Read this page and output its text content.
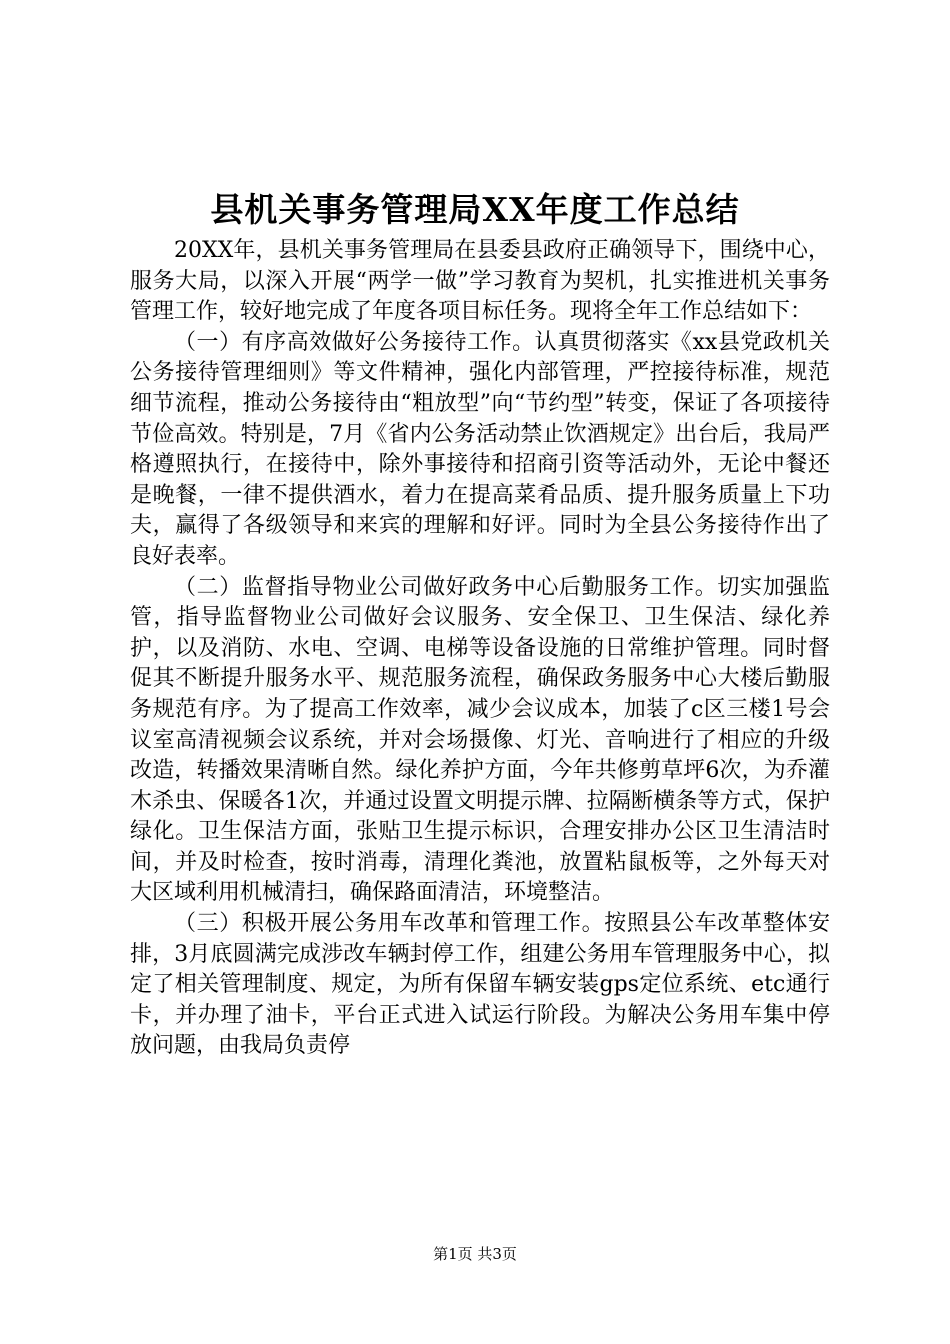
县机关事务管理局XX年度工作总结

20XX年，县机关事务管理局在县委县政府正确领导下，围绕中心，服务大局，以深入开展“两学一做”学习教育为契机，扎实推进机关事务管理工作，较好地完成了年度各项目标任务。现将全年工作总结如下：

（一）有序高效做好公务接待工作。认真贯彻落实《xx县党政机关公务接待管理细则》等文件精神，强化内部管理，严控接待标准，规范细节流程，推动公务接待由“粗放型”向“节约型”转变，保证了各项接待节俭高效。特别是，7月《省内公务活动禁止饮酒规定》出台后，我局严格遵照执行，在接待中，除外事接待和招商引资等活动外，无论中餐还是晚餐，一律不提供酒水，着力在提高菜肴品质、提升服务质量上下功夫，赢得了各级领导和来宾的理解和好评。同时为全县公务接待作出了良好表率。

（二）监督指导物业公司做好政务中心后勤服务工作。切实加强监管，指导监督物业公司做好会议服务、安全保卫、卫生保洁、绿化养护，以及消防、水电、空调、电梯等设备设施的日常维护管理。同时督促其不断提升服务水平、规范服务流程，确保政务服务中心大楼后勤服务规范有序。为了提高工作效率，减少会议成本，加装了c区三楼1号会议室高清视频会议系统，并对会场摄像、灯光、音响进行了相应的升级改造，转播效果清晰自然。绿化养护方面，今年共修剪草坪6次，为乔灌木杀虫、保暖各1次，并通过设置文明提示牌、拉隔断横条等方式，保护绿化。卫生保洁方面，张贴卫生提示标识，合理安排办公区卫生清洁时间，并及时检查，按时消毒，清理化粪池，放置粘鼠板等，之外每天对大区域利用机械清扫，确保路面清洁，环境整洁。

（三）积极开展公务用车改革和管理工作。按照县公车改革整体安排，3月底圆满完成涉改车辆封停工作，组建公务用车管理服务中心，拟定了相关管理制度、规定，为所有保留车辆安装gps定位系统、etc通行卡，并办理了油卡，平台正式进入试运行阶段。为解决公务用车集中停放问题，由我局负责停

第1页 共3页
